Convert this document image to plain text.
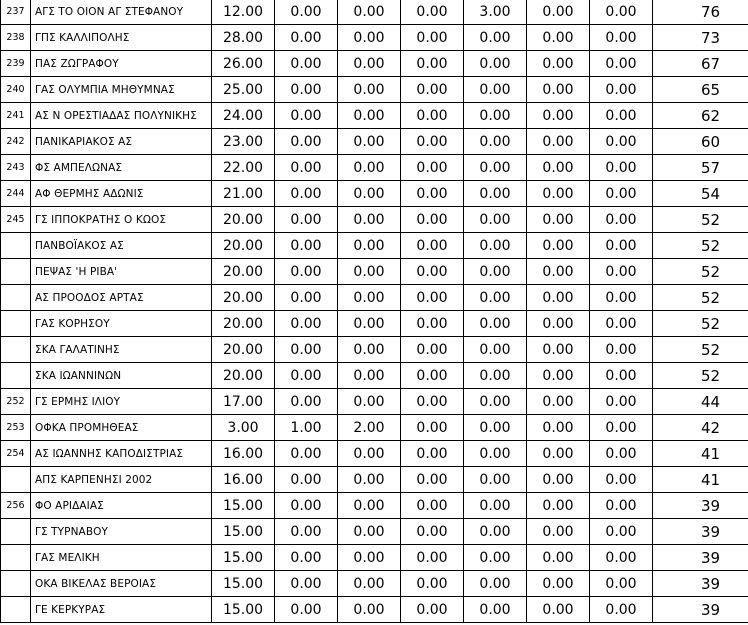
237	ΑΓΣ ΤΟ ΟΙΟΝ ΑΓ ΣΤΕΦΑΝΟΥ	12.00	0.00	0.00	0.00	3.00	0.00	0.00	76
238	ΓΠΣ ΚΑΛΛΙΠΟΛΗΣ	28.00	0.00	0.00	0.00	0.00	0.00	0.00	73
239	ΠΑΣ ΖΩΓΡΑΦΟΥ	26.00	0.00	0.00	0.00	0.00	0.00	0.00	67
240	ΓΑΣ ΟΛΥΜΠΙΑ ΜΗΘΥΜΝΑΣ	25.00	0.00	0.00	0.00	0.00	0.00	0.00	65
241	ΑΣ Ν ΟΡΕΣΤΙΑΔΑΣ ΠΟΛΥΝΙΚΗΣ	24.00	0.00	0.00	0.00	0.00	0.00	0.00	62
242	ΠΑΝΙΚΑΡΙΑΚΟΣ ΑΣ	23.00	0.00	0.00	0.00	0.00	0.00	0.00	60
243	ΦΣ ΑΜΠΕΛΩΝΑΣ	22.00	0.00	0.00	0.00	0.00	0.00	0.00	57
244	ΑΦ ΘΕΡΜΗΣ ΑΔΩΝΙΣ	21.00	0.00	0.00	0.00	0.00	0.00	0.00	54
245	ΓΣ ΙΠΠΟΚΡΑΤΗΣ Ο ΚΩΟΣ	20.00	0.00	0.00	0.00	0.00	0.00	0.00	52
	ΠΑΝΒΟΪΑΚΟΣ ΑΣ	20.00	0.00	0.00	0.00	0.00	0.00	0.00	52
	ΠΕΨΑΣ 'Η ΡΙΒΑ'	20.00	0.00	0.00	0.00	0.00	0.00	0.00	52
	ΑΣ ΠΡΟΟΔΟΣ ΑΡΤΑΣ	20.00	0.00	0.00	0.00	0.00	0.00	0.00	52
	ΓΑΣ ΚΟΡΗΣΟΥ	20.00	0.00	0.00	0.00	0.00	0.00	0.00	52
	ΣΚΑ ΓΑΛΑΤΙΝΗΣ	20.00	0.00	0.00	0.00	0.00	0.00	0.00	52
	ΣΚΑ ΙΩΑΝΝΙΝΩΝ	20.00	0.00	0.00	0.00	0.00	0.00	0.00	52
252	ΓΣ ΕΡΜΗΣ ΙΛΙΟΥ	17.00	0.00	0.00	0.00	0.00	0.00	0.00	44
253	ΟΦΚΑ ΠΡΟΜΗΘΕΑΣ	3.00	1.00	2.00	0.00	0.00	0.00	0.00	42
254	ΑΣ ΙΩΑΝΝΗΣ ΚΑΠΟΔΙΣΤΡΙΑΣ	16.00	0.00	0.00	0.00	0.00	0.00	0.00	41
	ΑΠΣ ΚΑΡΠΕΝΗΣΙ 2002	16.00	0.00	0.00	0.00	0.00	0.00	0.00	41
256	ΦΟ ΑΡΙΔΑΙΑΣ	15.00	0.00	0.00	0.00	0.00	0.00	0.00	39
	ΓΣ ΤΥΡΝΑΒΟΥ	15.00	0.00	0.00	0.00	0.00	0.00	0.00	39
	ΓΑΣ ΜΕΛΙΚΗ	15.00	0.00	0.00	0.00	0.00	0.00	0.00	39
	ΟΚΑ ΒΙΚΕΛΑΣ ΒΕΡΟΙΑΣ	15.00	0.00	0.00	0.00	0.00	0.00	0.00	39
	ΓΕ ΚΕΡΚΥΡΑΣ	15.00	0.00	0.00	0.00	0.00	0.00	0.00	39
